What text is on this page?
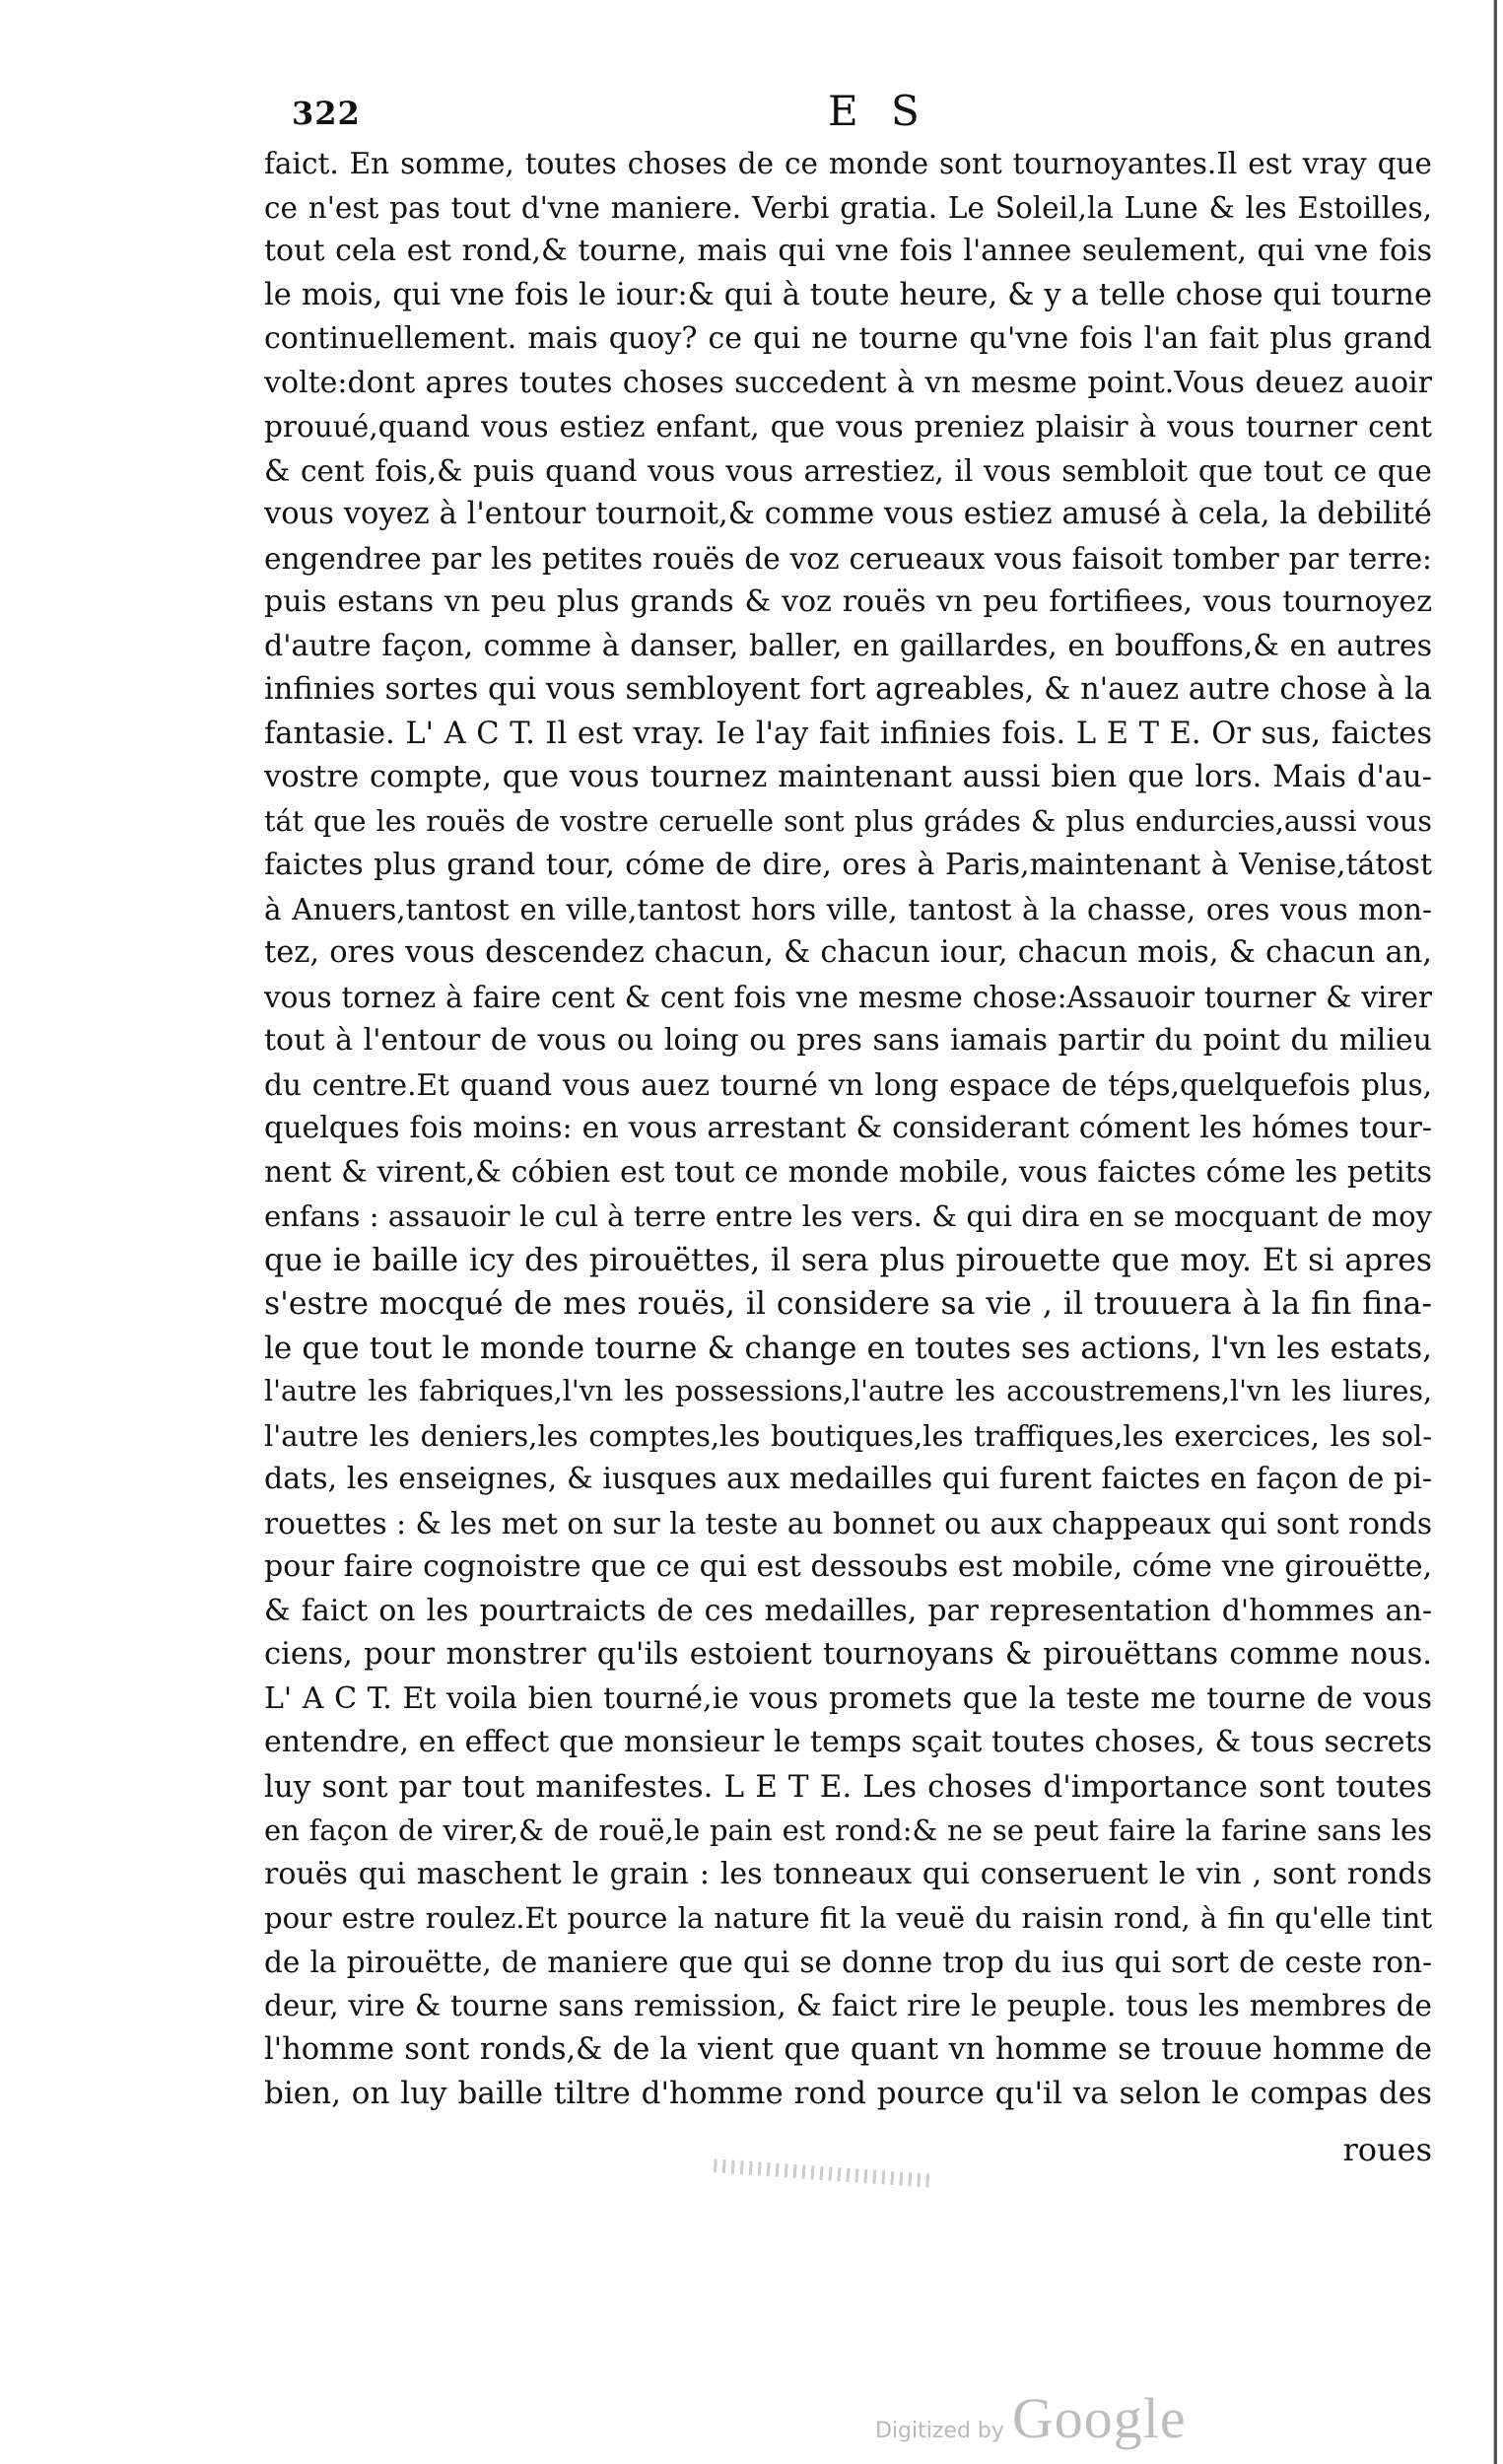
322	E S
faict. En somme, toutes choses de ce monde sont tournoyantes.Il est vray que
ce n'est pas tout d'vne maniere. Verbi gratia. Le Soleil,la Lune & les Estoilles,
tout cela est rond,& tourne, mais qui vne fois l'annee seulement, qui vne fois
le mois, qui vne fois le iour:& qui à toute heure, & y a telle chose qui tourne
continuellement. mais quoy? ce qui ne tourne qu'vne fois l'an fait plus grand
volte:dont apres toutes choses succedent à vn mesme point.Vous deuez auoir
prouué,quand vous estiez enfant, que vous preniez plaisir à vous tourner cent
& cent fois,& puis quand vous vous arrestiez, il vous sembloit que tout ce que
vous voyez à l'entour tournoit,& comme vous estiez amusé à cela, la debilité
engendree par les petites rouës de voz cerueaux vous faisoit tomber par terre:
puis estans vn peu plus grands & voz rouës vn peu fortifiees, vous tournoyez
d'autre façon, comme à danser, baller, en gaillardes, en bouffons,& en autres
infinies sortes qui vous sembloyent fort agreables, & n'auez autre chose à la
fantasie. L' A C T. Il est vray. Ie l'ay fait infinies fois. L E T E. Or sus, faictes
vostre compte, que vous tournez maintenant aussi bien que lors. Mais d'au-
tát que les rouës de vostre ceruelle sont plus grádes & plus endurcies,aussi vous
faictes plus grand tour, cóme de dire, ores à Paris,maintenant à Venise,tátost
à Anuers,tantost en ville,tantost hors ville, tantost à la chasse, ores vous mon-
tez, ores vous descendez chacun, & chacun iour, chacun mois, & chacun an,
vous tornez à faire cent & cent fois vne mesme chose:Assauoir tourner & virer
tout à l'entour de vous ou loing ou pres sans iamais partir du point du milieu
du centre.Et quand vous auez tourné vn long espace de téps,quelquefois plus,
quelques fois moins: en vous arrestant & considerant cóment les hómes tour-
nent & virent,& cóbien est tout ce monde mobile, vous faictes cóme les petits
enfans : assauoir le cul à terre entre les vers. & qui dira en se mocquant de moy
que ie baille icy des pirouëttes, il sera plus pirouette que moy. Et si apres
s'estre mocqué de mes rouës, il considere sa vie , il trouuera à la fin fina-
le que tout le monde tourne & change en toutes ses actions, l'vn les estats,
l'autre les fabriques,l'vn les possessions,l'autre les accoustremens,l'vn les liures,
l'autre les deniers,les comptes,les boutiques,les traffiques,les exercices, les sol-
dats, les enseignes, & iusques aux medailles qui furent faictes en façon de pi-
rouettes : & les met on sur la teste au bonnet ou aux chappeaux qui sont ronds
pour faire cognoistre que ce qui est dessoubs est mobile, cóme vne girouëtte,
& faict on les pourtraicts de ces medailles, par representation d'hommes an-
ciens, pour monstrer qu'ils estoient tournoyans & pirouëttans comme nous.
L' A C T. Et voila bien tourné,ie vous promets que la teste me tourne de vous
entendre, en effect que monsieur le temps sçait toutes choses, & tous secrets
luy sont par tout manifestes. L E T E. Les choses d'importance sont toutes
en façon de virer,& de rouë,le pain est rond:& ne se peut faire la farine sans les
rouës qui maschent le grain : les tonneaux qui conseruent le vin , sont ronds
pour estre roulez.Et pource la nature fit la veuë du raisin rond, à fin qu'elle tint
de la pirouëtte, de maniere que qui se donne trop du ius qui sort de ceste ron-
deur, vire & tourne sans remission, & faict rire le peuple. tous les membres de
l'homme sont ronds,& de la vient que quant vn homme se trouue homme de
bien, on luy baille tiltre d'homme rond pource qu'il va selon le compas des
roues
Digitized by Google
